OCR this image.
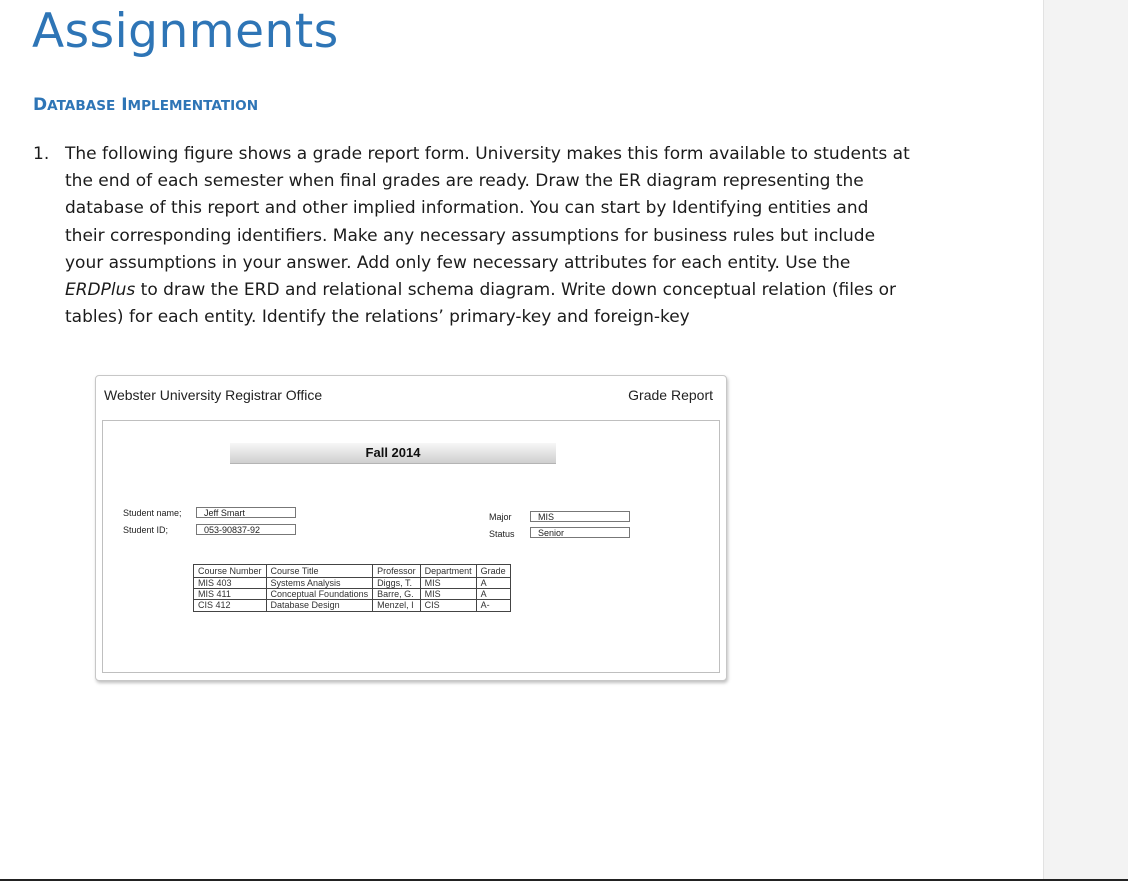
Assignments
DATABASE IMPLEMENTATION
1. The following figure shows a grade report form. University makes this form available to students at the end of each semester when final grades are ready. Draw the ER diagram representing the database of this report and other implied information. You can start by Identifying entities and their corresponding identifiers. Make any necessary assumptions for business rules but include your assumptions in your answer. Add only few necessary attributes for each entity. Use the ERDPlus to draw the ERD and relational schema diagram. Write down conceptual relation (files or tables) for each entity. Identify the relations’ primary-key and foreign-key
Webster University Registrar Office	Grade Report
Fall 2014
Student name;	Jeff Smart
Student ID;	053-90837-92
Major	MIS
Status	Senior
Course Number	Course Title	Professor	Department	Grade
MIS 403	Systems Analysis	Diggs, T.	MIS	A
MIS 411	Conceptual Foundations	Barre, G.	MIS	A
CIS 412	Database Design	Menzel, I	CIS	A-
